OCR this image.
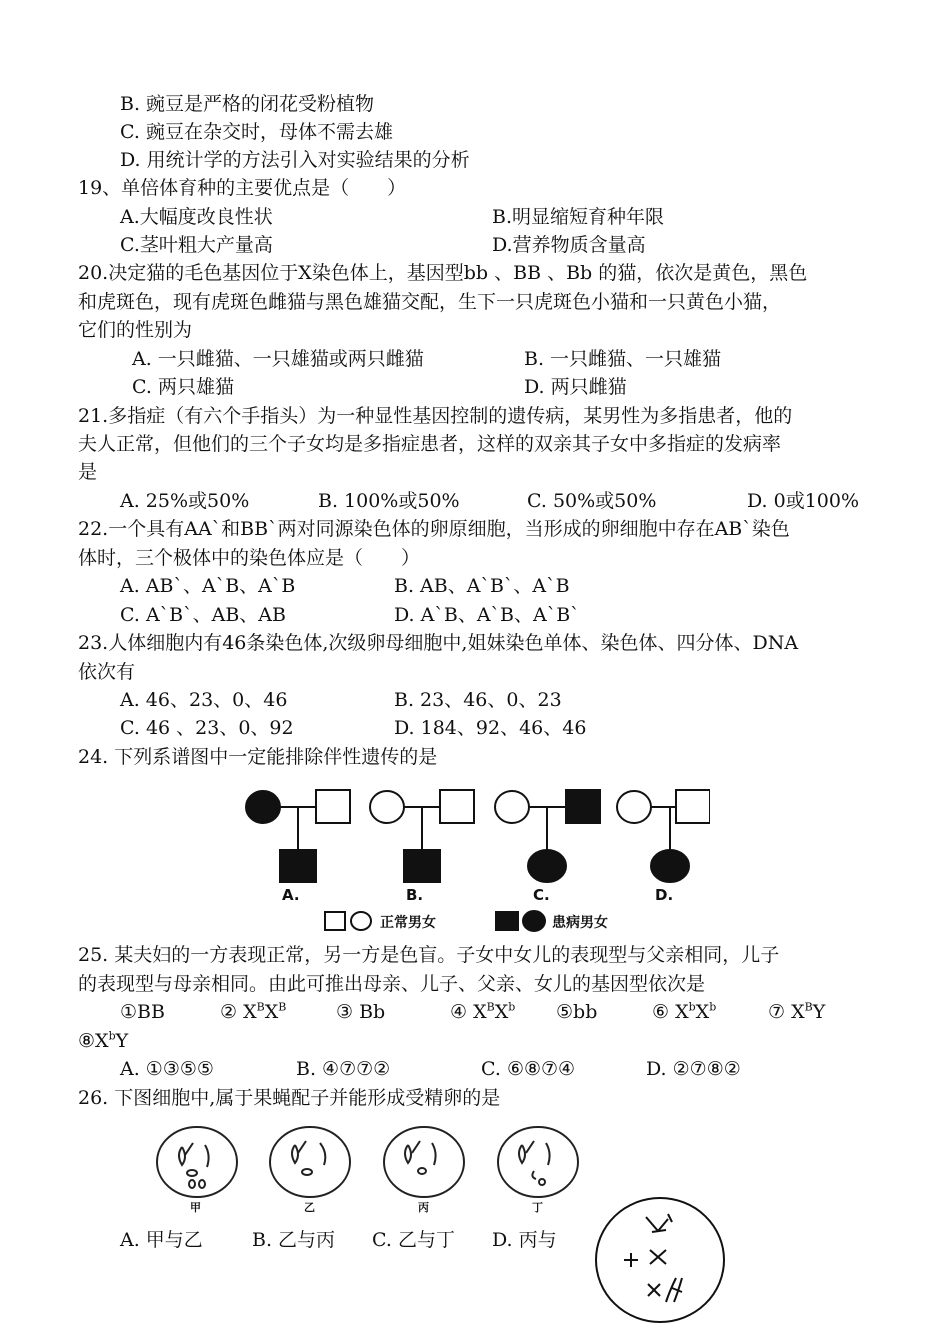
B. 豌豆是严格的闭花受粉植物
C. 豌豆在杂交时，母体不需去雄
D. 用统计学的方法引入对实验结果的分析
19、单倍体育种的主要优点是（　　）
A.大幅度改良性状	B.明显缩短育种年限
C.茎叶粗大产量高	D.营养物质含量高
20.决定猫的毛色基因位于X染色体上，基因型bb 、BB 、Bb 的猫，依次是黄色，黑色
和虎斑色，现有虎斑色雌猫与黑色雄猫交配，生下一只虎斑色小猫和一只黄色小猫，
它们的性别为
A. 一只雌猫、一只雄猫或两只雌猫	B. 一只雌猫、一只雄猫
C. 两只雄猫	D. 两只雌猫
21.多指症（有六个手指头）为一种显性基因控制的遗传病，某男性为多指患者，他的
夫人正常，但他们的三个子女均是多指症患者，这样的双亲其子女中多指症的发病率
是
A. 25%或50%	B. 100%或50%	C. 50%或50%	D. 0或100%
22.一个具有AA`和BB`两对同源染色体的卵原细胞，当形成的卵细胞中存在AB`染色
体时，三个极体中的染色体应是（　　）
A. AB`、A`B、A`B	B. AB、A`B`、A`B
C. A`B`、AB、AB	D. A`B、A`B、A`B`
23.人体细胞内有46条染色体,次级卵母细胞中,姐妹染色单体、染色体、四分体、DNA
依次有
A. 46、23、0、46	B. 23、46、0、23
C. 46 、23、0、92	D. 184、92、46、46
24. 下列系谱图中一定能排除伴性遗传的是
A.	B.	C.	D.
正常男女	患病男女
25. 某夫妇的一方表现正常，另一方是色盲。子女中女儿的表现型与父亲相同，儿子
的表现型与母亲相同。由此可推出母亲、儿子、父亲、女儿的基因型依次是
①BB	② $X^BX^B$	③ Bb	④ $X^BX^b$ ⑤bb	⑥ $X^bX^b$	⑦ $X^BY$
$⑧X^bY$
A. ①③⑤⑤	B. ④⑦⑦②	C. ⑥⑧⑦④	D. ②⑦⑧②
26. 下图细胞中,属于果蝇配子并能形成受精卵的是
甲	乙	丙	丁
A. 甲与乙	B. 乙与丙 C. 乙与丁 D. 丙与
